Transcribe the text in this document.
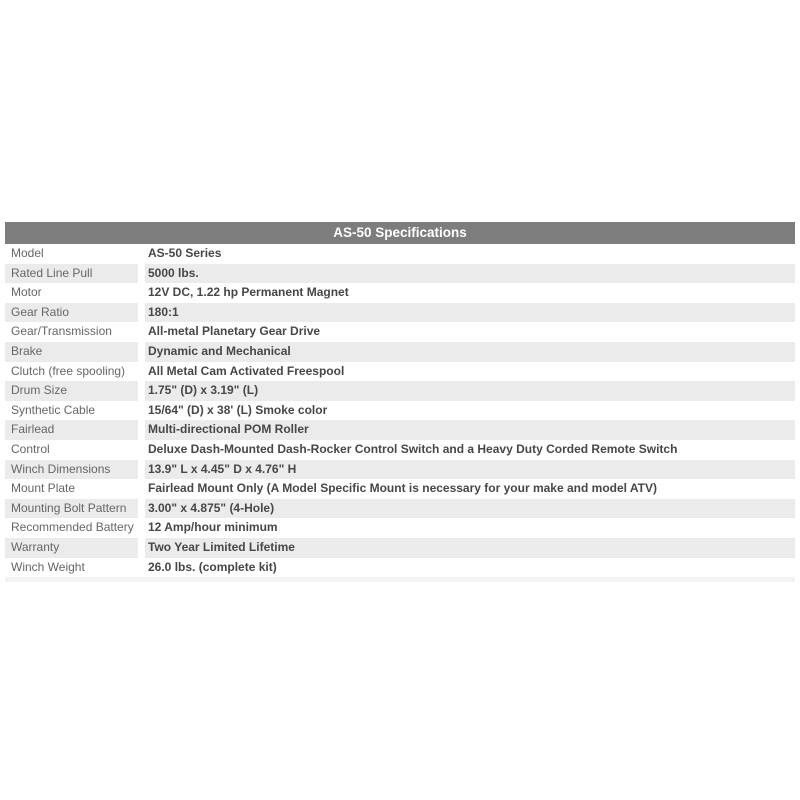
AS-50 Specifications
Model	AS-50 Series
Rated Line Pull	5000 lbs.
Motor	12V DC, 1.22 hp Permanent Magnet
Gear Ratio	180:1
Gear/Transmission	All-metal Planetary Gear Drive
Brake	Dynamic and Mechanical
Clutch (free spooling)	All Metal Cam Activated Freespool
Drum Size	1.75" (D) x 3.19" (L)
Synthetic Cable	15/64" (D) x 38' (L) Smoke color
Fairlead	Multi-directional POM Roller
Control	Deluxe Dash-Mounted Dash-Rocker Control Switch and a Heavy Duty Corded Remote Switch
Winch Dimensions	13.9" L x 4.45" D x 4.76" H
Mount Plate	Fairlead Mount Only (A Model Specific Mount is necessary for your make and model ATV)
Mounting Bolt Pattern	3.00" x 4.875" (4-Hole)
Recommended Battery	12 Amp/hour minimum
Warranty	Two Year Limited Lifetime
Winch Weight	26.0 lbs. (complete kit)
